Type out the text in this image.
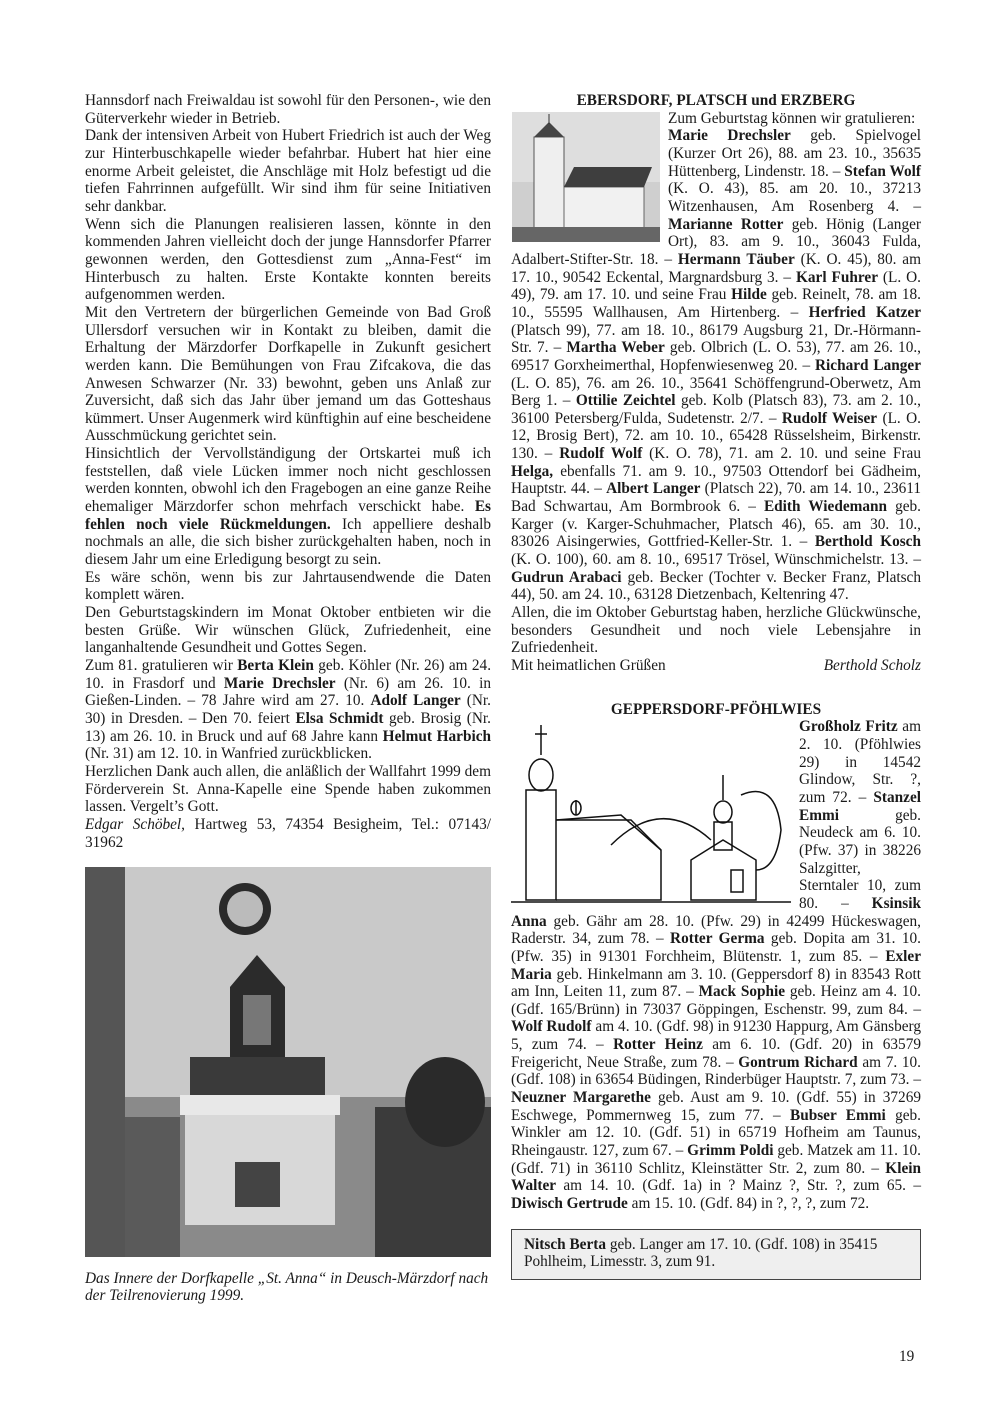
Hannsdorf nach Freiwaldau ist sowohl für den Personen-, wie den Güterverkehr wieder in Betrieb.

Dank der intensiven Arbeit von Hubert Friedrich ist auch der Weg zur Hinterbuschkapelle wieder befahrbar. Hubert hat hier eine enorme Arbeit geleistet, die Anschläge mit Holz befestigt ud die tiefen Fahrrinnen aufgefüllt. Wir sind ihm für seine Initiativen sehr dankbar.

Wenn sich die Planungen realisieren lassen, könnte in den kommenden Jahren vielleicht doch der junge Hannsdorfer Pfarrer gewonnen werden, den Gottesdienst zum „Anna-Fest“ im Hinterbusch zu halten. Erste Kontakte konnten bereits aufgenommen werden.

Mit den Vertretern der bürgerlichen Gemeinde von Bad Groß Ullersdorf versuchen wir in Kontakt zu bleiben, damit die Erhaltung der Märzdorfer Dorfkapelle in Zukunft gesichert werden kann. Die Bemühungen von Frau Zifcakova, die das Anwesen Schwarzer (Nr. 33) bewohnt, geben uns Anlaß zur Zuversicht, daß sich das Jahr über jemand um das Gotteshaus kümmert. Unser Augenmerk wird künftighin auf eine bescheidene Ausschmückung gerichtet sein.

Hinsichtlich der Vervollständigung der Ortskartei muß ich feststellen, daß viele Lücken immer noch nicht geschlossen werden konnten, obwohl ich den Fragebogen an eine ganze Reihe ehemaliger Märzdorfer schon mehrfach verschickt habe. Es fehlen noch viele Rückmeldungen. Ich appelliere deshalb nochmals an alle, die sich bisher zurückgehalten haben, noch in diesem Jahr um eine Erledigung besorgt zu sein.

Es wäre schön, wenn bis zur Jahrtausendwende die Daten komplett wären.

Den Geburtstagskindern im Monat Oktober entbieten wir die besten Grüße. Wir wünschen Glück, Zufriedenheit, eine langanhaltende Gesundheit und Gottes Segen.

Zum 81. gratulieren wir Berta Klein geb. Köhler (Nr. 26) am 24. 10. in Frasdorf und Marie Drechsler (Nr. 6) am 26. 10. in Gießen-Linden. – 78 Jahre wird am 27. 10. Adolf Langer (Nr. 30) in Dresden. – Den 70. feiert Elsa Schmidt geb. Brosig (Nr. 13) am 26. 10. in Bruck und auf 68 Jahre kann Helmut Harbich (Nr. 31) am 12. 10. in Wanfried zurückblicken.

Herzlichen Dank auch allen, die anläßlich der Wallfahrt 1999 dem Förderverein St. Anna-Kapelle eine Spende haben zukommen lassen. Vergelt’s Gott.

Edgar Schöbel, Hartweg 53, 74354 Besigheim, Tel.: 07143/ 31962

Das Innere der Dorfkapelle „St. Anna“ in Deusch-Märzdorf nach der Teilrenovierung 1999.

EBERSDORF, PLATSCH und ERZBERG

Zum Geburtstag können wir gratulieren:

Marie Drechsler geb. Spielvogel (Kurzer Ort 26), 88. am 23. 10., 35635 Hüttenberg, Lindenstr. 18. – Stefan Wolf (K. O. 43), 85. am 20. 10., 37213 Witzenhausen, Am Rosenberg 4. – Marianne Rotter geb. Hönig (Langer Ort), 83. am 9. 10., 36043 Fulda, Adalbert-Stifter-Str. 18. – Hermann Täuber (K. O. 45), 80. am 17. 10., 90542 Eckental, Margnardsburg 3. – Karl Fuhrer (L. O. 49), 79. am 17. 10. und seine Frau Hilde geb. Reinelt, 78. am 18. 10., 55595 Wallhausen, Am Hirtenberg. – Herfried Katzer (Platsch 99), 77. am 18. 10., 86179 Augsburg 21, Dr.-Hörmann-Str. 7. – Martha Weber geb. Olbrich (L. O. 53), 77. am 26. 10., 69517 Gorxheimerthal, Hopfenwiesenweg 20. – Richard Langer (L. O. 85), 76. am 26. 10., 35641 Schöffengrund-Oberwetz, Am Berg 1. – Ottilie Zeichtel geb. Kolb (Platsch 83), 73. am 2. 10., 36100 Petersberg/Fulda, Sudetenstr. 2/7. – Rudolf Weiser (L. O. 12, Brosig Bert), 72. am 10. 10., 65428 Rüsselsheim, Birkenstr. 130. – Rudolf Wolf (K. O. 78), 71. am 2. 10. und seine Frau Helga, ebenfalls 71. am 9. 10., 97503 Ottendorf bei Gädheim, Hauptstr. 44. – Albert Langer (Platsch 22), 70. am 14. 10., 23611 Bad Schwartau, Am Bormbrook 6. – Edith Wiedemann geb. Karger (v. Karger-Schuhmacher, Platsch 46), 65. am 30. 10., 83026 Aisingerwies, Gottfried-Keller-Str. 1. – Berthold Kosch (K. O. 100), 60. am 8. 10., 69517 Trösel, Wünschmichelstr. 13. – Gudrun Arabaci geb. Becker (Tochter v. Becker Franz, Platsch 44), 50. am 24. 10., 63128 Dietzenbach, Keltenring 47.

Allen, die im Oktober Geburtstag haben, herzliche Glückwünsche, besonders Gesundheit und noch viele Lebensjahre in Zufriedenheit.

Mit heimatlichen Grüßen	Berthold Scholz
GEPPERSDORF-PFÖHLWIES

Großholz Fritz am 2. 10. (Pföhlwies 29) in 14542 Glindow, Str. ?, zum 72. – Stanzel Emmi geb. Neudeck am 6. 10. (Pfw. 37) in 38226 Salzgitter, Sterntaler 10, zum 80. – Ksinsik Anna geb. Gähr am 28. 10. (Pfw. 29) in 42499 Hückeswagen, Raderstr. 34, zum 78. – Rotter Germa geb. Dopita am 31. 10. (Pfw. 35) in 91301 Forchheim, Blütenstr. 1, zum 85. – Exler Maria geb. Hinkelmann am 3. 10. (Geppersdorf 8) in 83543 Rott am Inn, Leiten 11, zum 87. – Mack Sophie geb. Heinz am 4. 10. (Gdf. 165/Brünn) in 73037 Göppingen, Eschenstr. 99, zum 84. – Wolf Rudolf am 4. 10. (Gdf. 98) in 91230 Happurg, Am Gänsberg 5, zum 74. – Rotter Heinz am 6. 10. (Gdf. 20) in 63579 Freigericht, Neue Straße, zum 78. – Gontrum Richard am 7. 10. (Gdf. 108) in 63654 Büdingen, Rinderbüger Hauptstr. 7, zum 73. – Neuzner Margarethe geb. Aust am 9. 10. (Gdf. 55) in 37269 Eschwege, Pommernweg 15, zum 77. – Bubser Emmi geb. Winkler am 12. 10. (Gdf. 51) in 65719 Hofheim am Taunus, Rheingaustr. 127, zum 67. – Grimm Poldi geb. Matzek am 11. 10. (Gdf. 71) in 36110 Schlitz, Kleinstätter Str. 2, zum 80. – Klein Walter am 14. 10. (Gdf. 1a) in ? Mainz ?, Str. ?, zum 65. – Diwisch Gertrude am 15. 10. (Gdf. 84) in ?, ?, ?, zum 72.

Nitsch Berta geb. Langer am 17. 10. (Gdf. 108) in 35415 Pohlheim, Limesstr. 3, zum 91.
19
